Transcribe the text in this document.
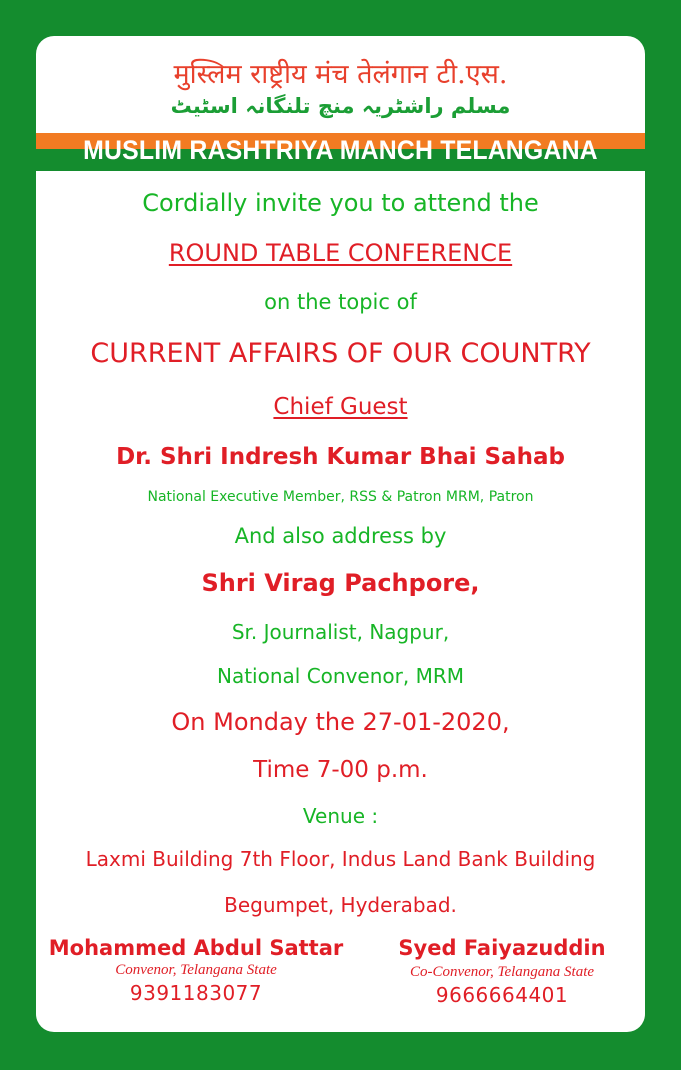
मुस्लिम राष्ट्रीय मंच तेलंगान टी.एस.
مسلم راشٹریہ منچ تلنگانہ اسٹیٹ
MUSLIM RASHTRIYA MANCH TELANGANA
Cordially invite you to attend the
ROUND TABLE CONFERENCE
on the topic of
CURRENT AFFAIRS OF OUR COUNTRY
Chief Guest
Dr. Shri Indresh Kumar Bhai Sahab
National Executive Member, RSS & Patron MRM, Patron
And also address by
Shri Virag Pachpore,
Sr. Journalist, Nagpur,
National Convenor, MRM
On Monday the 27-01-2020,
Time 7-00 p.m.
Venue :
Laxmi Building 7th Floor, Indus Land Bank Building
Begumpet, Hyderabad.
Mohammed Abdul Sattar
Convenor, Telangana State
9391183077
Syed Faiyazuddin
Co-Convenor, Telangana State
9666664401
